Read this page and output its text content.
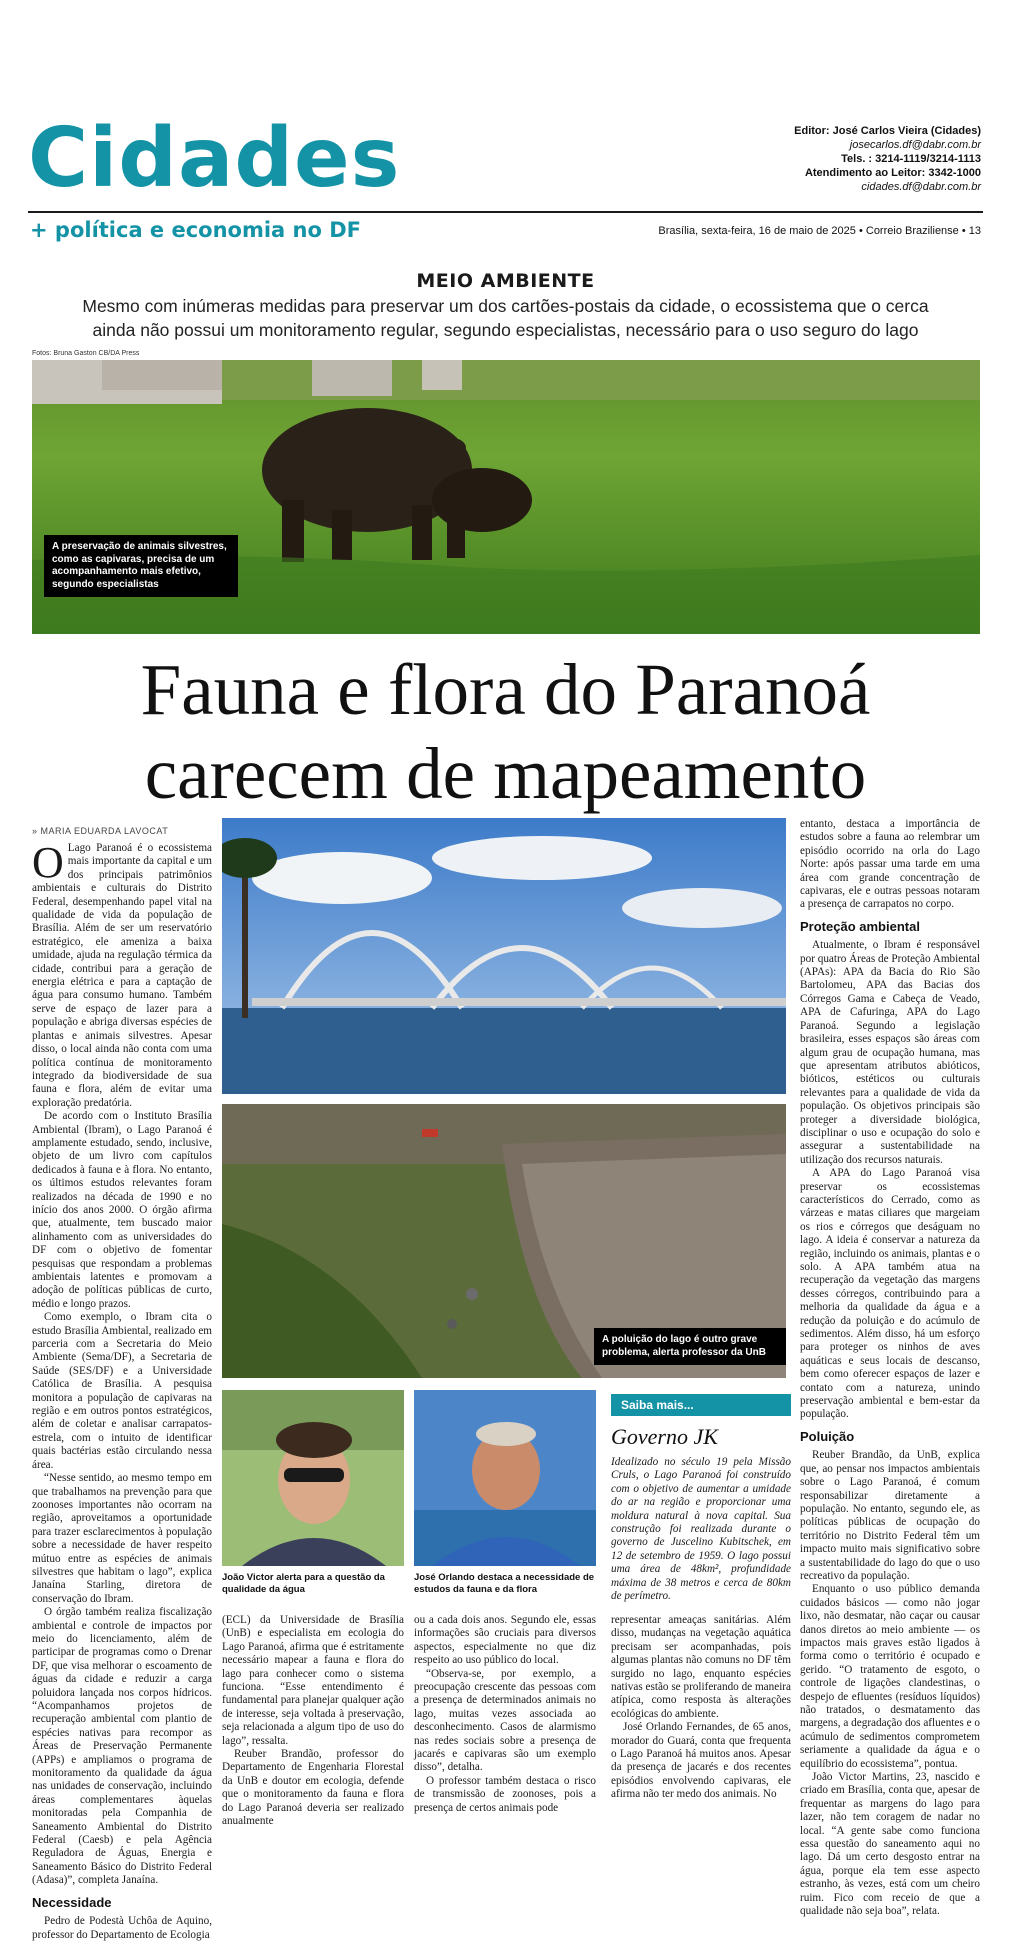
Cidades	Editor: José Carlos Vieira (Cidades)
josecarlos.df@dabr.com.br
Tels. : 3214-1119/3214-1113
Atendimento ao Leitor: 3342-1000
cidades.df@dabr.com.br
+ política e economia no DF	Brasília, sexta-feira, 16 de maio de 2025 • Correio Braziliense • 13
MEIO AMBIENTE
Mesmo com inúmeras medidas para preservar um dos cartões-postais da cidade, o ecossistema que o cerca ainda não possui um monitoramento regular, segundo especialistas, necessário para o uso seguro do lago
Fotos: Bruna Gaston CB/DA Press
A preservação de animais silvestres, como as capivaras, precisa de um acompanhamento mais efetivo, segundo especialistas
Fauna e flora do Paranoá
carecem de mapeamento
» MARIA EDUARDA LAVOCAT

O Lago Paranoá é o ecossistema mais importante da capital e um dos principais patrimônios ambientais e culturais do Distrito Federal, desempenhando papel vital na qualidade de vida da população de Brasília. Além de ser um reservatório estratégico, ele ameniza a baixa umidade, ajuda na regulação térmica da cidade, contribui para a geração de energia elétrica e para a captação de água para consumo humano. Também serve de espaço de lazer para a população e abriga diversas espécies de plantas e animais silvestres. Apesar disso, o local ainda não conta com uma política contínua de monitoramento integrado da biodiversidade de sua fauna e flora, além de evitar uma exploração predatória.

De acordo com o Instituto Brasília Ambiental (Ibram), o Lago Paranoá é amplamente estudado, sendo, inclusive, objeto de um livro com capítulos dedicados à fauna e à flora. No entanto, os últimos estudos relevantes foram realizados na década de 1990 e no início dos anos 2000. O órgão afirma que, atualmente, tem buscado maior alinhamento com as universidades do DF com o objetivo de fomentar pesquisas que respondam a problemas ambientais latentes e promovam a adoção de políticas públicas de curto, médio e longo prazos.

Como exemplo, o Ibram cita o estudo Brasília Ambiental, realizado em parceria com a Secretaria do Meio Ambiente (Sema/DF), a Secretaria de Saúde (SES/DF) e a Universidade Católica de Brasília. A pesquisa monitora a população de capivaras na região e em outros pontos estratégicos, além de coletar e analisar carrapatos-estrela, com o intuito de identificar quais bactérias estão circulando nessa área.

“Nesse sentido, ao mesmo tempo em que trabalhamos na prevenção para que zoonoses importantes não ocorram na região, aproveitamos a oportunidade para trazer esclarecimentos à população sobre a necessidade de haver respeito mútuo entre as espécies de animais silvestres que habitam o lago”, explica Janaína Starling, diretora de conservação do Ibram.

O órgão também realiza fiscalização ambiental e controle de impactos por meio do licenciamento, além de participar de programas como o Drenar DF, que visa melhorar o escoamento de águas da cidade e reduzir a carga poluidora lançada nos corpos hídricos. “Acompanhamos projetos de recuperação ambiental com plantio de espécies nativas para recompor as Áreas de Preservação Permanente (APPs) e ampliamos o programa de monitoramento da qualidade da água nas unidades de conservação, incluindo áreas complementares àquelas monitoradas pela Companhia de Saneamento Ambiental do Distrito Federal (Caesb) e pela Agência Reguladora de Águas, Energia e Saneamento Básico do Distrito Federal (Adasa)”, completa Janaína.

Necessidade

Pedro de Podestà Uchôa de Aquino, professor do Departamento de Ecologia

A poluição do lago é outro grave problema, alerta professor da UnB
João Victor alerta para a questão da qualidade da água
José Orlando destaca a necessidade de estudos da fauna e da flora

(ECL) da Universidade de Brasília (UnB) e especialista em ecologia do Lago Paranoá, afirma que é estritamente necessário mapear a fauna e flora do lago para conhecer como o sistema funciona. “Esse entendimento é fundamental para planejar qualquer ação de interesse, seja voltada à preservação, seja relacionada a algum tipo de uso do lago”, ressalta.

Reuber Brandão, professor do Departamento de Engenharia Florestal da UnB e doutor em ecologia, defende que o monitoramento da fauna e flora do Lago Paranoá deveria ser realizado anualmente

ou a cada dois anos. Segundo ele, essas informações são cruciais para diversos aspectos, especialmente no que diz respeito ao uso público do local.

“Observa-se, por exemplo, a preocupação crescente das pessoas com a presença de determinados animais no lago, muitas vezes associada ao desconhecimento. Casos de alarmismo nas redes sociais sobre a presença de jacarés e capivaras são um exemplo disso”, detalha.

O professor também destaca o risco de transmissão de zoonoses, pois a presença de certos animais pode

Saiba mais...
Governo JK
Idealizado no século 19 pela Missão Cruls, o Lago Paranoá foi construído com o objetivo de aumentar a umidade do ar na região e proporcionar uma moldura natural à nova capital. Sua construção foi realizada durante o governo de Juscelino Kubitschek, em 12 de setembro de 1959. O lago possui uma área de 48km², profundidade máxima de 38 metros e cerca de 80km de perímetro.

representar ameaças sanitárias. Além disso, mudanças na vegetação aquática precisam ser acompanhadas, pois algumas plantas não comuns no DF têm surgido no lago, enquanto espécies nativas estão se proliferando de maneira atípica, como resposta às alterações ecológicas do ambiente.

José Orlando Fernandes, de 65 anos, morador do Guará, conta que frequenta o Lago Paranoá há muitos anos. Apesar da presença de jacarés e dos recentes episódios envolvendo capivaras, ele afirma não ter medo dos animais. No

entanto, destaca a importância de estudos sobre a fauna ao relembrar um episódio ocorrido na orla do Lago Norte: após passar uma tarde em uma área com grande concentração de capivaras, ele e outras pessoas notaram a presença de carrapatos no corpo.

Proteção ambiental

Atualmente, o Ibram é responsável por quatro Áreas de Proteção Ambiental (APAs): APA da Bacia do Rio São Bartolomeu, APA das Bacias dos Córregos Gama e Cabeça de Veado, APA de Cafuringa, APA do Lago Paranoá. Segundo a legislação brasileira, esses espaços são áreas com algum grau de ocupação humana, mas que apresentam atributos abióticos, bióticos, estéticos ou culturais relevantes para a qualidade de vida da população. Os objetivos principais são proteger a diversidade biológica, disciplinar o uso e ocupação do solo e assegurar a sustentabilidade na utilização dos recursos naturais.

A APA do Lago Paranoá visa preservar os ecossistemas característicos do Cerrado, como as várzeas e matas ciliares que margeiam os rios e córregos que deságuam no lago. A ideia é conservar a natureza da região, incluindo os animais, plantas e o solo. A APA também atua na recuperação da vegetação das margens desses córregos, contribuindo para a melhoria da qualidade da água e a redução da poluição e do acúmulo de sedimentos. Além disso, há um esforço para proteger os ninhos de aves aquáticas e seus locais de descanso, bem como oferecer espaços de lazer e contato com a natureza, unindo preservação ambiental e bem-estar da população.

Poluição

Reuber Brandão, da UnB, explica que, ao pensar nos impactos ambientais sobre o Lago Paranoá, é comum responsabilizar diretamente a população. No entanto, segundo ele, as políticas públicas de ocupação do território no Distrito Federal têm um impacto muito mais significativo sobre a sustentabilidade do lago do que o uso recreativo da população.

Enquanto o uso público demanda cuidados básicos — como não jogar lixo, não desmatar, não caçar ou causar danos diretos ao meio ambiente — os impactos mais graves estão ligados à forma como o território é ocupado e gerido. “O tratamento de esgoto, o controle de ligações clandestinas, o despejo de efluentes (resíduos líquidos) não tratados, o desmatamento das margens, a degradação dos afluentes e o acúmulo de sedimentos comprometem seriamente a qualidade da água e o equilíbrio do ecossistema”, pontua.

João Victor Martins, 23, nascido e criado em Brasília, conta que, apesar de frequentar as margens do lago para lazer, não tem coragem de nadar no local. “A gente sabe como funciona essa questão do saneamento aqui no lago. Dá um certo desgosto entrar na água, porque ela tem esse aspecto estranho, às vezes, está com um cheiro ruim. Fico com receio de que a qualidade não seja boa”, relata.
